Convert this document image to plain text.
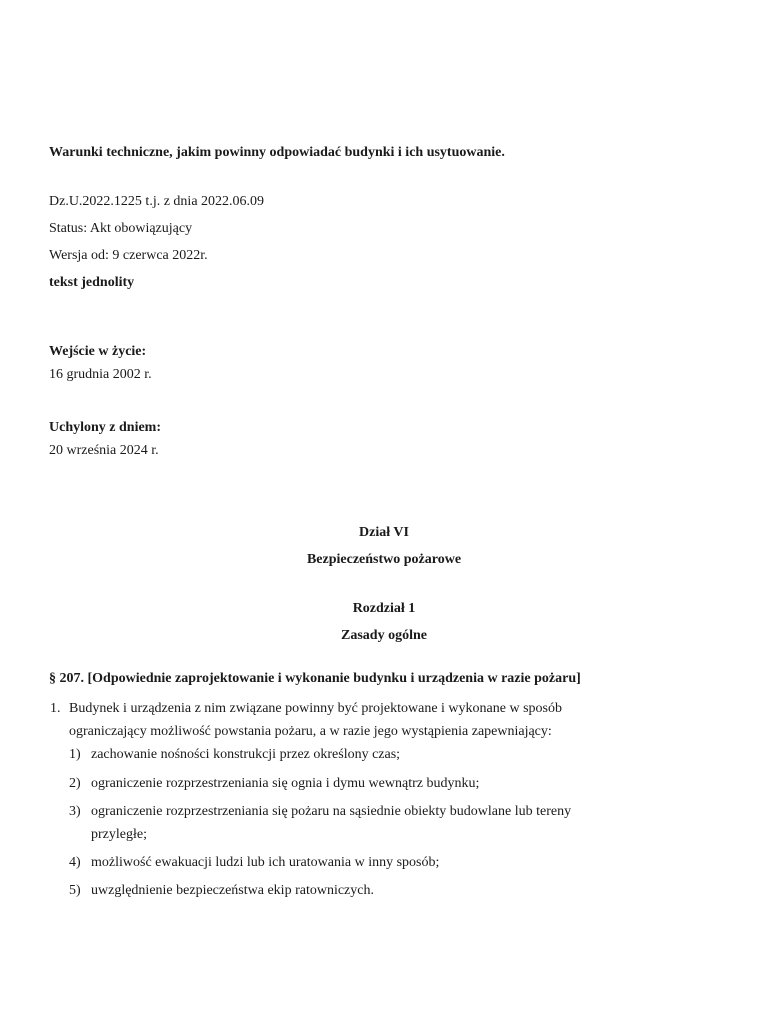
Warunki techniczne, jakim powinny odpowiadać budynki i ich usytuowanie.
Dz.U.2022.1225 t.j. z dnia 2022.06.09
Status: Akt obowiązujący
Wersja od: 9 czerwca 2022r.
tekst jednolity
Wejście w życie:
16 grudnia 2002 r.
Uchylony z dniem:
20 września 2024 r.
Dział VI
Bezpieczeństwo pożarowe
Rozdział 1
Zasady ogólne
§ 207. [Odpowiednie zaprojektowanie i wykonanie budynku i urządzenia w razie pożaru]
1. Budynek i urządzenia z nim związane powinny być projektowane i wykonane w sposób
ograniczający możliwość powstania pożaru, a w razie jego wystąpienia zapewniający:
1) zachowanie nośności konstrukcji przez określony czas;
2) ograniczenie rozprzestrzeniania się ognia i dymu wewnątrz budynku;
3) ograniczenie rozprzestrzeniania się pożaru na sąsiednie obiekty budowlane lub tereny
przyległe;
4) możliwość ewakuacji ludzi lub ich uratowania w inny sposób;
5) uwzględnienie bezpieczeństwa ekip ratowniczych.
